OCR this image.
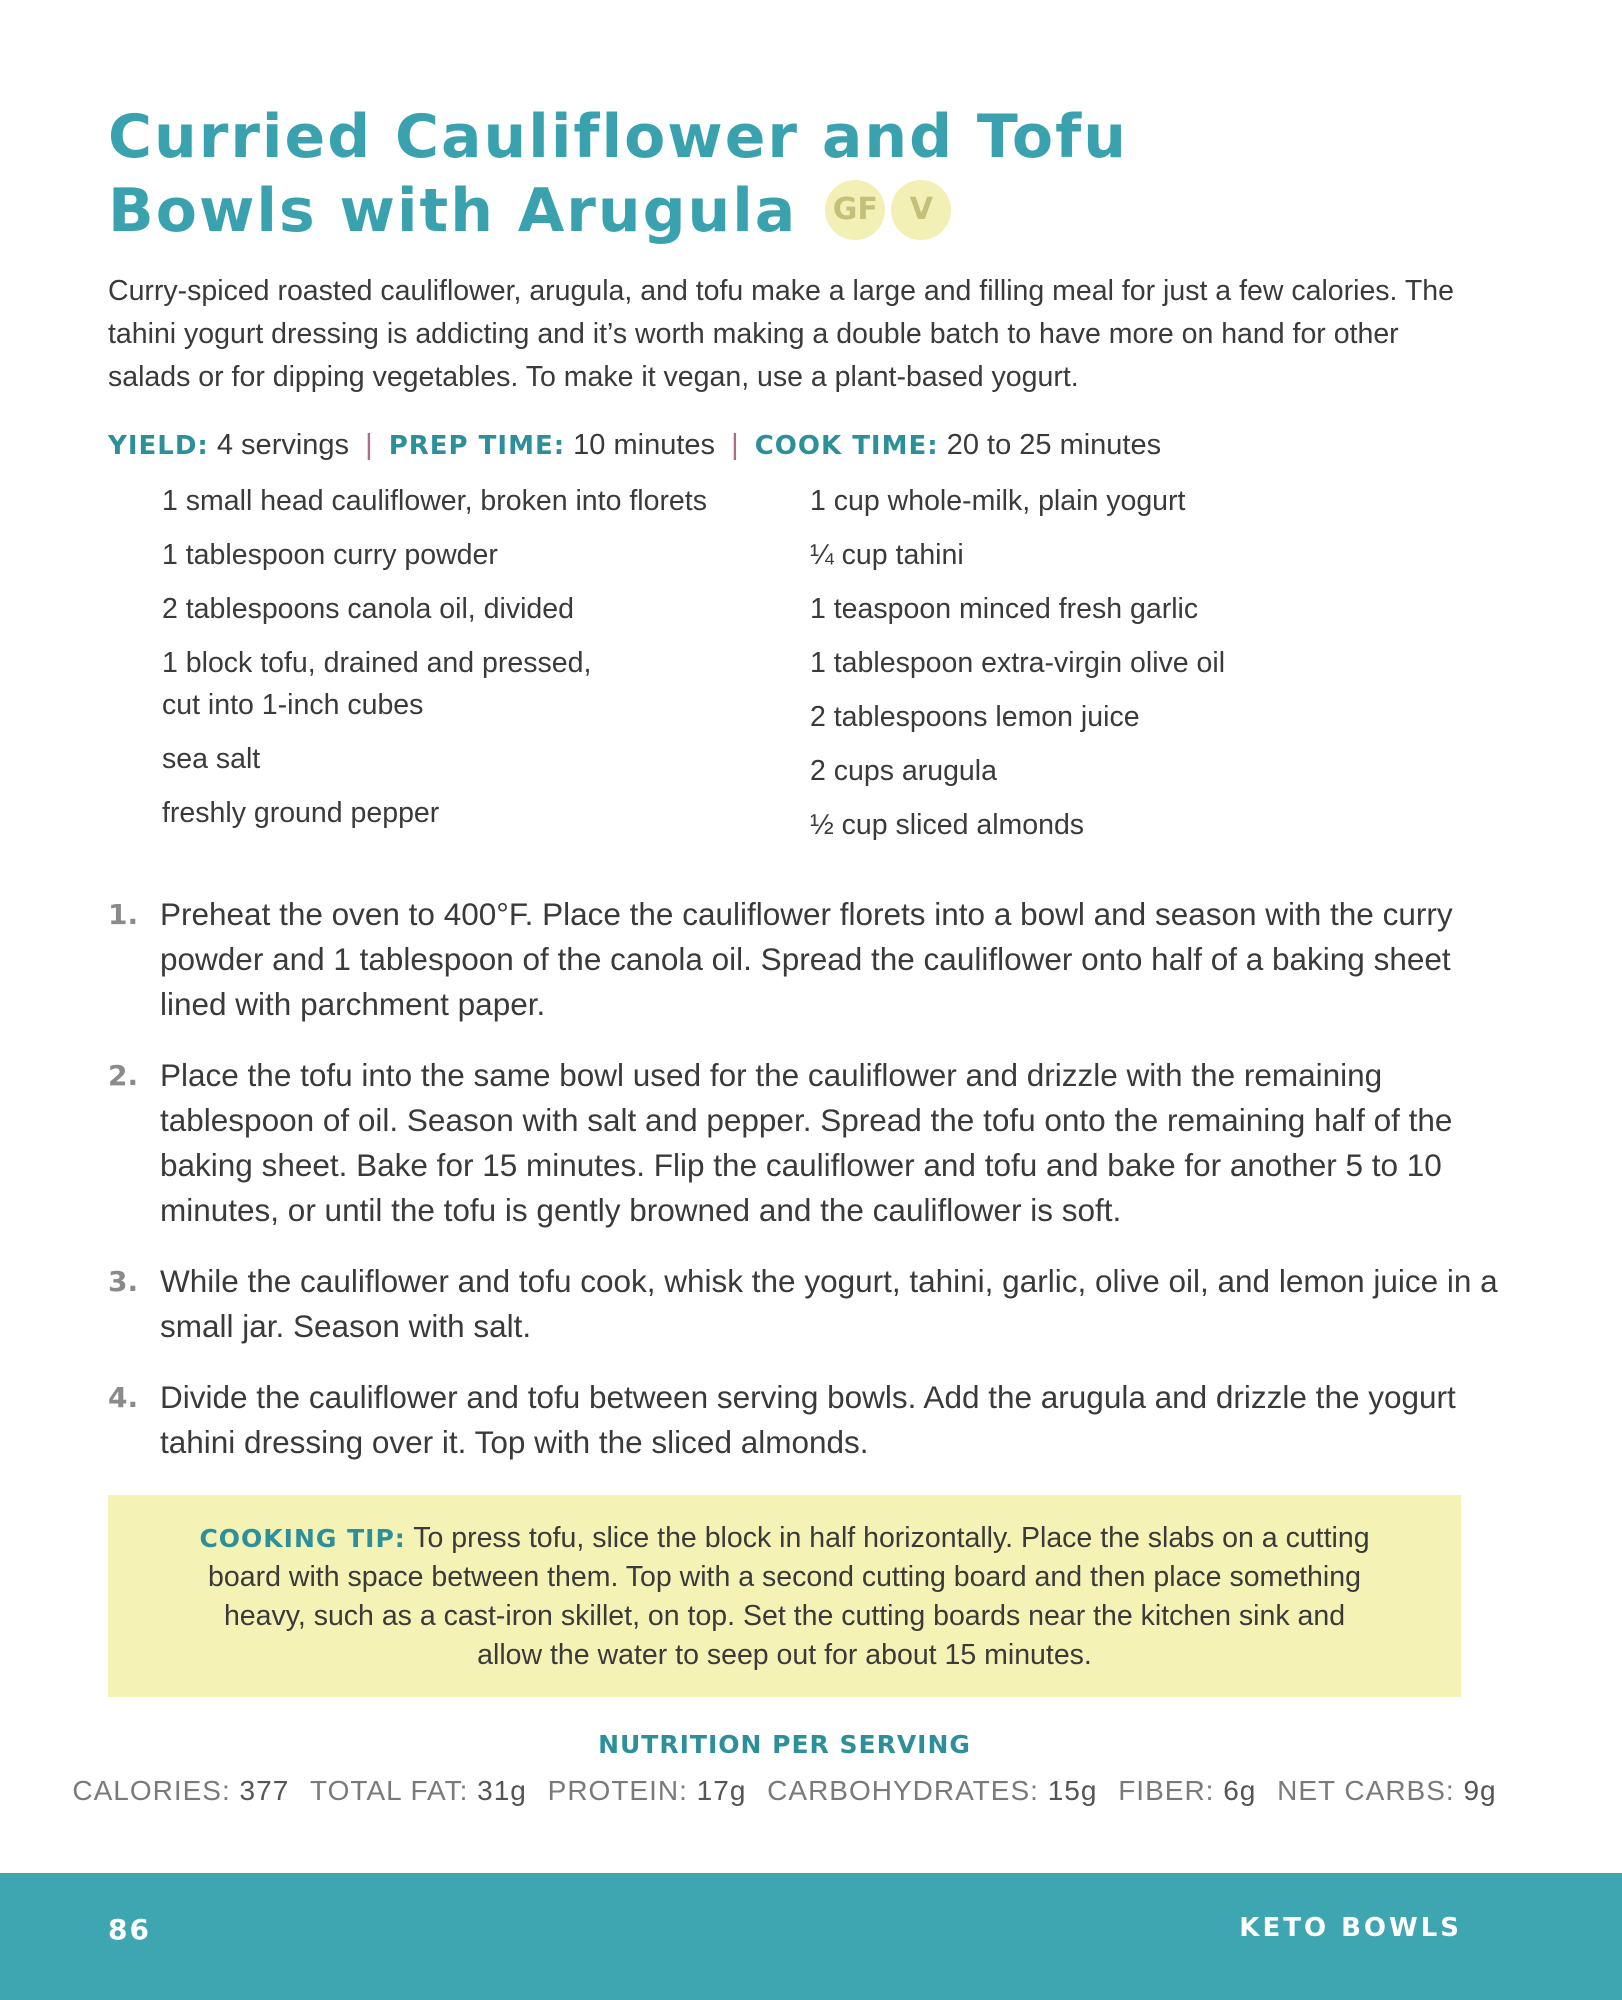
Curried Cauliflower and Tofu
Bowls with Arugula GF V

Curry-spiced roasted cauliflower, arugula, and tofu make a large and filling meal for just a few calories. The tahini yogurt dressing is addicting and it’s worth making a double batch to have more on hand for other salads or for dipping vegetables. To make it vegan, use a plant-based yogurt.

YIELD: 4 servings | PREP TIME: 10 minutes | COOK TIME: 20 to 25 minutes
1 small head cauliflower, broken into florets
1 tablespoon curry powder
2 tablespoons canola oil, divided
1 block tofu, drained and pressed,
cut into 1-inch cubes
sea salt
freshly ground pepper
1 cup whole-milk, plain yogurt
¼ cup tahini
1 teaspoon minced fresh garlic
1 tablespoon extra-virgin olive oil
2 tablespoons lemon juice
2 cups arugula
½ cup sliced almonds
1. Preheat the oven to 400°F. Place the cauliflower florets into a bowl and season with the curry powder and 1 tablespoon of the canola oil. Spread the cauliflower onto half of a baking sheet lined with parchment paper.
2. Place the tofu into the same bowl used for the cauliflower and drizzle with the remaining tablespoon of oil. Season with salt and pepper. Spread the tofu onto the remaining half of the baking sheet. Bake for 15 minutes. Flip the cauliflower and tofu and bake for another 5 to 10 minutes, or until the tofu is gently browned and the cauliflower is soft.
3. While the cauliflower and tofu cook, whisk the yogurt, tahini, garlic, olive oil, and lemon juice in a small jar. Season with salt.
4. Divide the cauliflower and tofu between serving bowls. Add the arugula and drizzle the yogurt tahini dressing over it. Top with the sliced almonds.
COOKING TIP: To press tofu, slice the block in half horizontally. Place the slabs on a cutting board with space between them. Top with a second cutting board and then place something heavy, such as a cast-iron skillet, on top. Set the cutting boards near the kitchen sink and allow the water to seep out for about 15 minutes.
NUTRITION PER SERVING
CALORIES: 377 TOTAL FAT: 31g PROTEIN: 17g CARBOHYDRATES: 15g FIBER: 6g NET CARBS: 9g
86	KETO BOWLS
